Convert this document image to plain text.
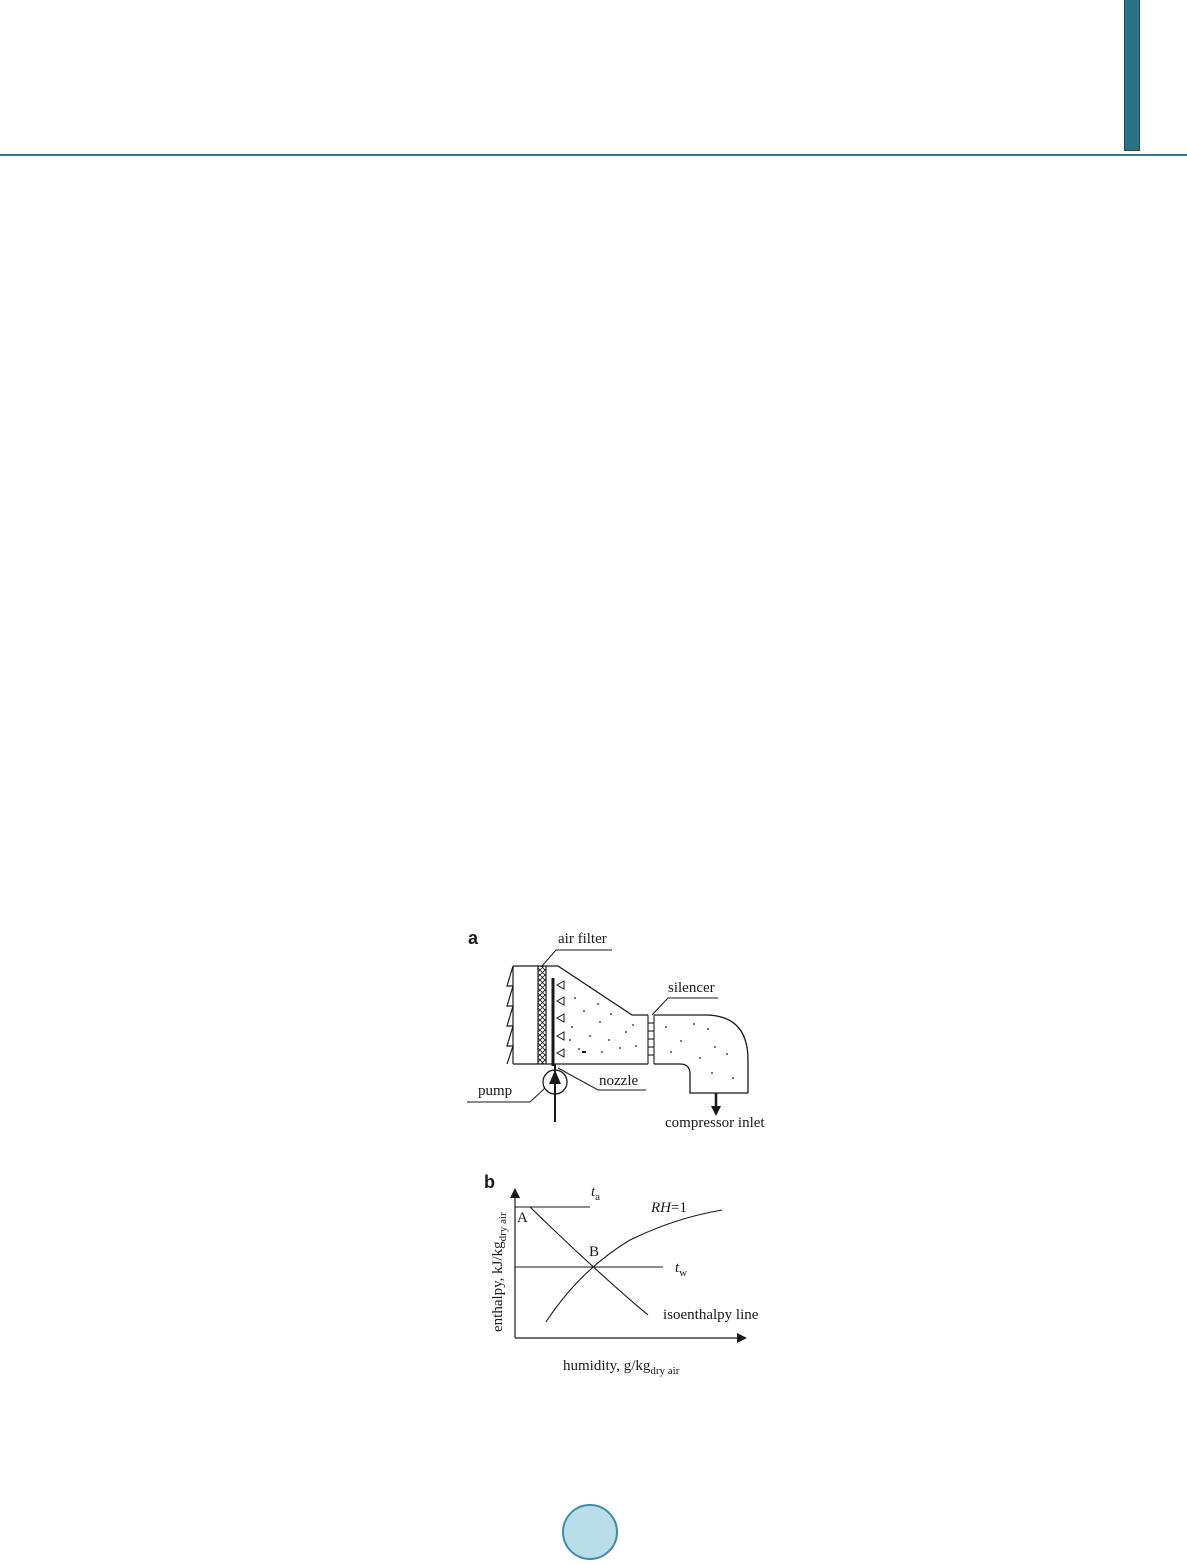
a	air filter
silencer
pump
nozzle
compressor inlet
b
A
B
$t_a$
$t_w$
RH=1
isoenthalpy line
humidity, $g/kg_{dry air}$
enthalpy, $kJ/kg_{dry air}$
